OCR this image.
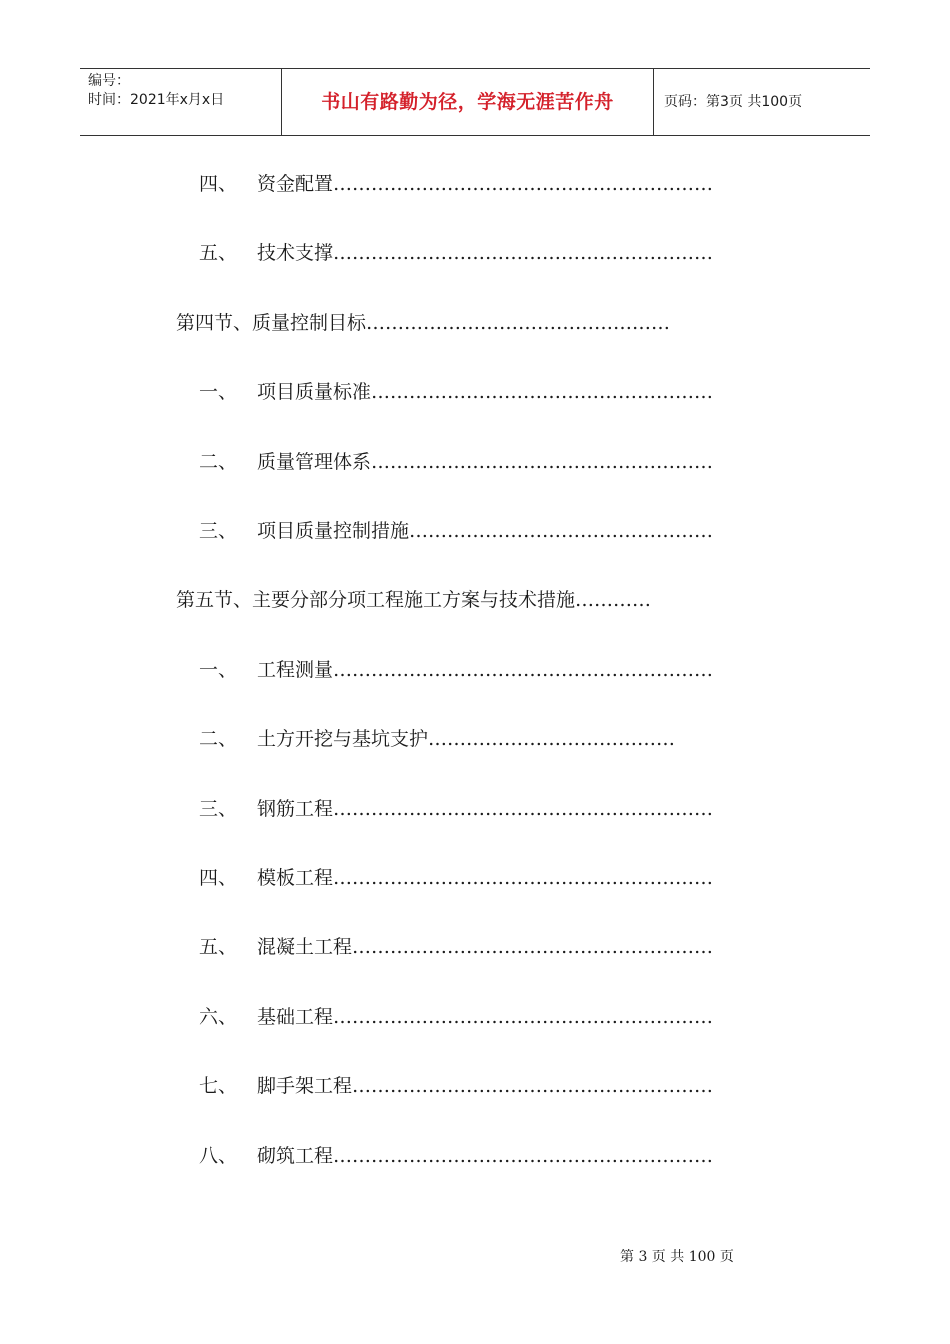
编号：
时间：2021年x月x日	书山有路勤为径，学海无涯苦作舟	页码：第3页 共100页
四、 资金配置 ……………………………………………………
五、 技术支撑 ……………………………………………………
第四节、质量控制目标 …………………………………………
一、 项目质量标准 ………………………………………………
二、 质量管理体系 ………………………………………………
三、 项目质量控制措施 …………………………………………
第五节、主要分部分项工程施工方案与技术措施 …………
一、 工程测量 ……………………………………………………
二、 土方开挖与基坑支护 …………………………………
三、 钢筋工程 ……………………………………………………
四、 模板工程 ……………………………………………………
五、 混凝土工程 …………………………………………………
六、 基础工程 ……………………………………………………
七、 脚手架工程 …………………………………………………
八、 砌筑工程 ……………………………………………………
第 3 页 共 100 页
